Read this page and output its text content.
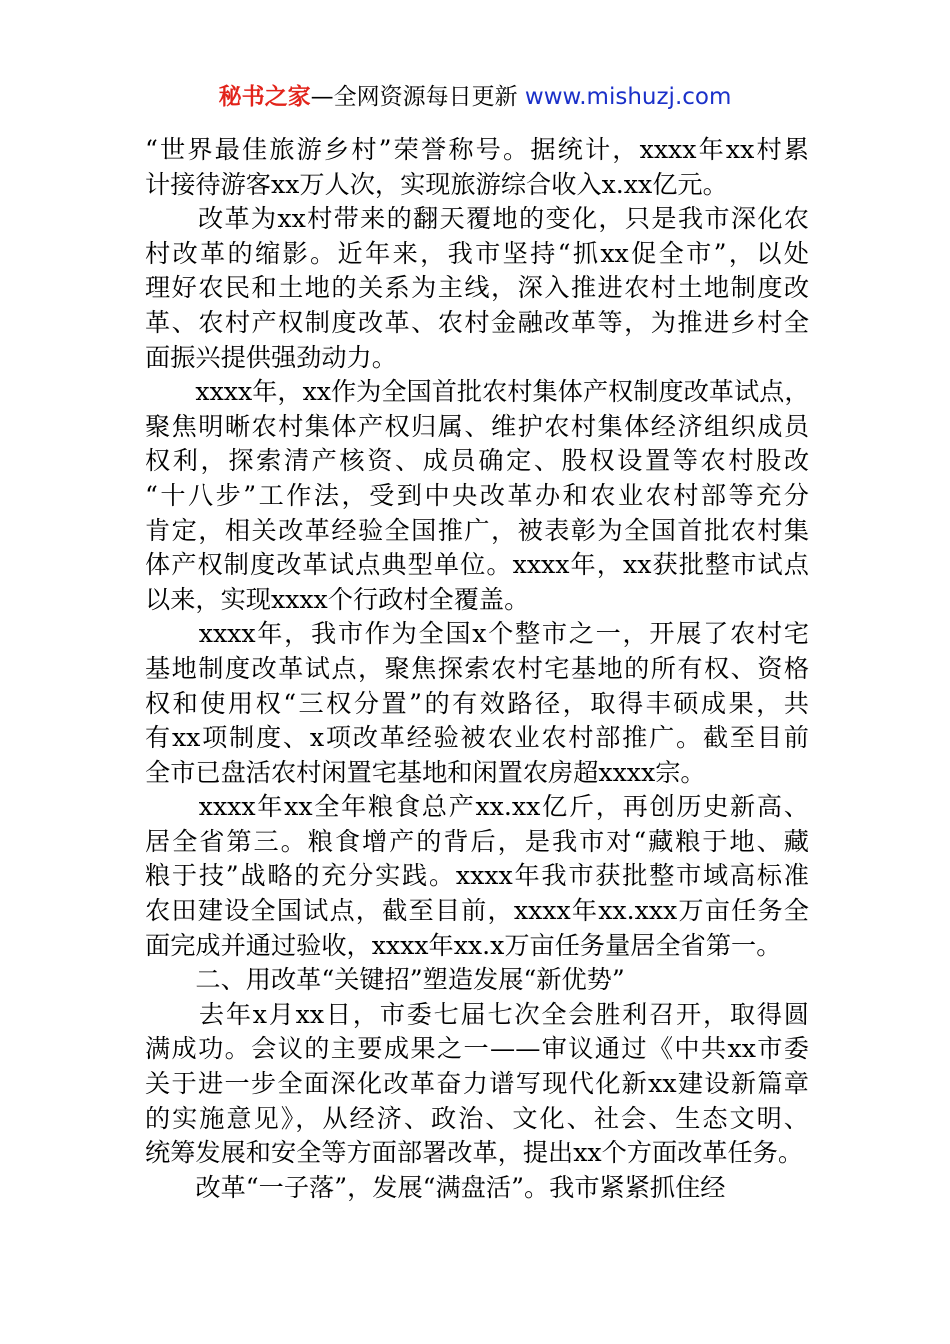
秘书之家—全网资源每日更新 www.mishuzj.com
“世界最佳旅游乡村”荣誉称号。据统计，xxxx年xx村累
计接待游客xx万人次，实现旅游综合收入x.xx亿元。
　　改革为xx村带来的翻天覆地的变化，只是我市深化农
村改革的缩影。近年来，我市坚持“抓xx促全市”，以处
理好农民和土地的关系为主线，深入推进农村土地制度改
革、农村产权制度改革、农村金融改革等，为推进乡村全
面振兴提供强劲动力。
　　xxxx年，xx作为全国首批农村集体产权制度改革试点，
聚焦明晰农村集体产权归属、维护农村集体经济组织成员
权利，探索清产核资、成员确定、股权设置等农村股改
“十八步”工作法，受到中央改革办和农业农村部等充分
肯定，相关改革经验全国推广，被表彰为全国首批农村集
体产权制度改革试点典型单位。xxxx年，xx获批整市试点
以来，实现xxxx个行政村全覆盖。
　　xxxx年，我市作为全国x个整市之一，开展了农村宅
基地制度改革试点，聚焦探索农村宅基地的所有权、资格
权和使用权“三权分置”的有效路径，取得丰硕成果，共
有xx项制度、x项改革经验被农业农村部推广。截至目前
全市已盘活农村闲置宅基地和闲置农房超xxxx宗。
　　xxxx年xx全年粮食总产xx.xx亿斤，再创历史新高、
居全省第三。粮食增产的背后，是我市对“藏粮于地、藏
粮于技”战略的充分实践。xxxx年我市获批整市域高标准
农田建设全国试点，截至目前，xxxx年xx.xxx万亩任务全
面完成并通过验收，xxxx年xx.x万亩任务量居全省第一。
　　二、用改革“关键招”塑造发展“新优势”
　　去年x月xx日，市委七届七次全会胜利召开，取得圆
满成功。会议的主要成果之一——审议通过《中共xx市委
关于进一步全面深化改革奋力谱写现代化新xx建设新篇章
的实施意见》，从经济、政治、文化、社会、生态文明、
统筹发展和安全等方面部署改革，提出xx个方面改革任务。
　　改革“一子落”，发展“满盘活”。我市紧紧抓住经
